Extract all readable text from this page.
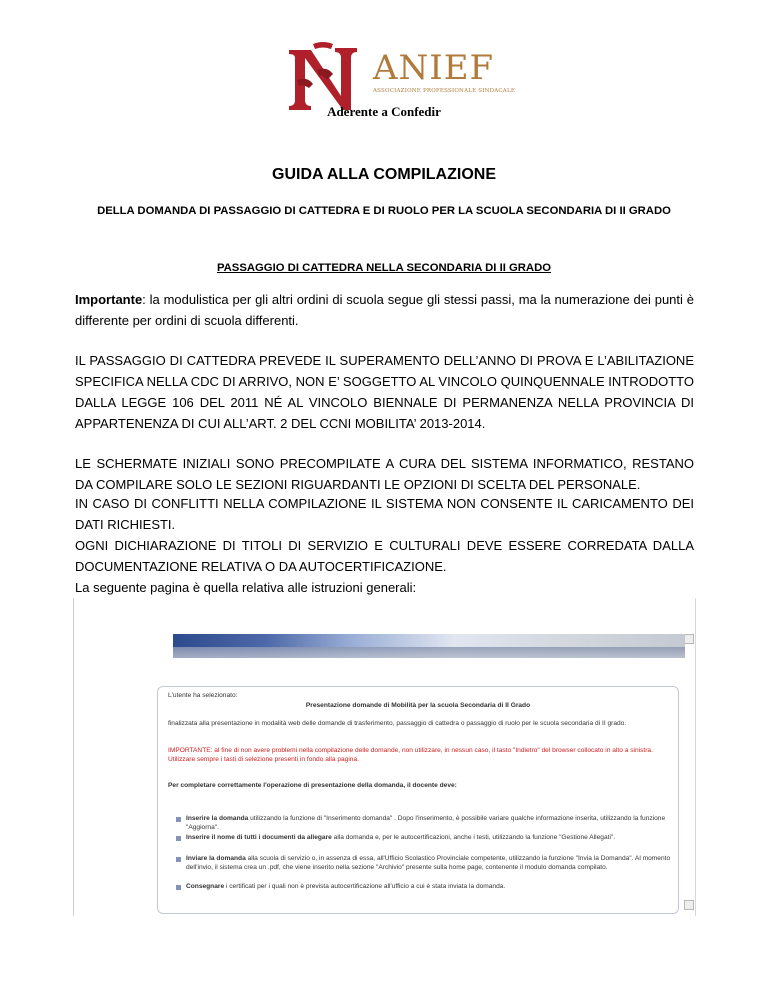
ANIEF
ASSOCIAZIONE PROFESSIONALE SINDACALE
Aderente a Confedir
GUIDA ALLA COMPILAZIONE
DELLA DOMANDA DI PASSAGGIO DI CATTEDRA E DI RUOLO PER LA SCUOLA SECONDARIA DI II GRADO
PASSAGGIO DI CATTEDRA NELLA SECONDARIA DI II GRADO
Importante: la modulistica per gli altri ordini di scuola segue gli stessi passi, ma la numerazione dei punti è differente per ordini di scuola differenti.
IL PASSAGGIO DI CATTEDRA PREVEDE IL SUPERAMENTO DELL’ANNO DI PROVA E L’ABILITAZIONE SPECIFICA NELLA CDC DI ARRIVO, NON E’ SOGGETTO AL VINCOLO QUINQUENNALE INTRODOTTO DALLA LEGGE 106 DEL 2011 NÉ AL VINCOLO BIENNALE DI PERMANENZA NELLA PROVINCIA DI APPARTENENZA DI CUI ALL’ART. 2 DEL CCNI MOBILITA’ 2013-2014.
LE SCHERMATE INIZIALI SONO PRECOMPILATE A CURA DEL SISTEMA INFORMATICO, RESTANO DA COMPILARE SOLO LE SEZIONI RIGUARDANTI LE OPZIONI DI SCELTA DEL PERSONALE.
IN CASO DI CONFLITTI NELLA COMPILAZIONE IL SISTEMA NON CONSENTE IL CARICAMENTO DEI DATI RICHIESTI.
OGNI DICHIARAZIONE DI TITOLI DI SERVIZIO E CULTURALI DEVE ESSERE CORREDATA DALLA DOCUMENTAZIONE RELATIVA O DA AUTOCERTIFICAZIONE.
La seguente pagina è quella relativa alle istruzioni generali:
L'utente ha selezionato:
Presentazione domande di Mobilità per la scuola Secondaria di II Grado
finalizzata alla presentazione in modalità web delle domande di trasferimento, passaggio di cattedra o passaggio di ruolo per le scuola secondaria di II grado.
IMPORTANTE: al fine di non avere problemi nella compilazione delle domande, non utilizzare, in nessun caso, il tasto "Indietro" del browser collocato in alto a sinistra. Utilizzare sempre i tasti di selezione presenti in fondo alla pagina.
Per completare correttamente l'operazione di presentazione della domanda, il docente deve:
Inserire la domanda utilizzando la funzione di "Inserimento domanda" . Dopo l'inserimento, è possibile variare qualche informazione inserita, utilizzando la funzione "Aggiorna".
Inserire il nome di tutti i documenti da allegare alla domanda e, per le autocertificazioni, anche i testi, utilizzando la funzione "Gestione Allegati".
Inviare la domanda alla scuola di servizio o, in assenza di essa, all'Ufficio Scolastico Provinciale competente, utilizzando la funzione "Invia la Domanda". Al momento dell'invio, il sistema crea un .pdf, che viene inserito nella sezione "Archivio" presente sulla home page, contenente il modulo domanda compilato.
Consegnare i certificati per i quali non è prevista autocertificazione all'ufficio a cui è stata inviata la domanda.
